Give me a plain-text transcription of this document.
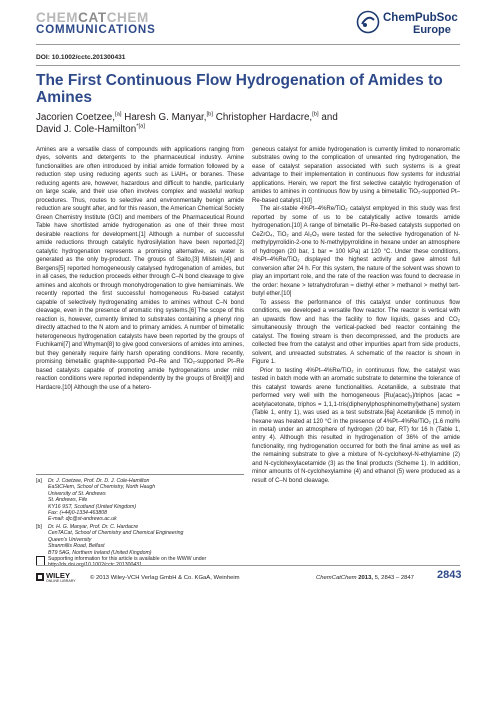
CHEMCATCHEM
COMMUNICATIONS
ChemPubSoc
Europe
DOI: 10.1002/cctc.201300431
The First Continuous Flow Hydrogenation of Amides to Amines
Jacorien Coetzee,[a] Haresh G. Manyar,[b] Christopher Hardacre,[b] and
David J. Cole-Hamilton$^{*[a]}$

Amines are a versatile class of compounds with applications ranging from dyes, solvents and detergents to the pharmaceutical industry. Amine functionalities are often introduced by initial amide formation followed by a reduction step using reducing agents such as LiAlH₄ or boranes. These reducing agents are, however, hazardous and difficult to handle, particularly on large scale, and their use often involves complex and wasteful workup procedures. Thus, routes to selective and environmentally benign amide reduction are sought after, and for this reason, the American Chemical Society Green Chemistry Institute (GCI) and members of the Pharmaceutical Round Table have shortlisted amide hydrogenation as one of their three most desirable reactions for development.[1] Although a number of successful amide reductions through catalytic hydrosilylation have been reported,[2] catalytic hydrogenation represents a promising alternative, as water is generated as the only by-product. The groups of Saito,[3] Milstein,[4] and Bergens[5] reported homogeneously catalysed hydrogenation of amides, but in all cases, the reduction proceeds either through C–N bond cleavage to give amines and alcohols or through monohydrogenation to give hemiaminals. We recently reported the first successful homogeneous Ru-based catalyst capable of selectively hydrogenating amides to amines without C–N bond cleavage, even in the presence of aromatic ring systems.[6] The scope of this reaction is, however, currently limited to substrates containing a phenyl ring directly attached to the N atom and to primary amides. A number of bimetallic heterogeneous hydrogenation catalysts have been reported by the groups of Fuchikami[7] and Whyman[8] to give good conversions of amides into amines, but they generally require fairly harsh operating conditions. More recently, promising bimetallic graphite-supported Pd–Re and TiO₂-supported Pt–Re based catalysts capable of promoting amide hydrogenations under mild reaction conditions were reported independently by the groups of Breit[9] and Hardacre.[10] Although the use of a hetero-

geneous catalyst for amide hydrogenation is currently limited to nonaromatic substrates owing to the complication of unwanted ring hydrogenation, the ease of catalyst separation associated with such systems is a great advantage to their implementation in continuous flow systems for industrial applications. Herein, we report the first selective catalytic hydrogenation of amides to amines in continuous flow by using a bimetallic TiO₂-supported Pt–Re-based catalyst.[10]

The air-stable 4%Pt–4%Re/TiO₂ catalyst employed in this study was first reported by some of us to be catalytically active towards amide hydrogenation.[10] A range of bimetallic Pt–Re-based catalysts supported on CeZrO₄, TiO₂ and Al₂O₃ were tested for the selective hydrogenation of N-methylpyrrolidin-2-one to N-methylpyrrolidine in hexane under an atmosphere of hydrogen (20 bar, 1 bar = 100 kPa) at 120 °C. Under these conditions, 4%Pt–4%Re/TiO₂ displayed the highest activity and gave almost full conversion after 24 h. For this system, the nature of the solvent was shown to play an important role, and the rate of the reaction was found to decrease in the order: hexane > tetrahydrofuran ≈ diethyl ether > methanol > methyl tert-butyl ether.[10]

To assess the performance of this catalyst under continuous flow conditions, we developed a versatile flow reactor. The reactor is vertical with an upwards flow and has the facility to flow liquids, gases and CO₂ simultaneously through the vertical-packed bed reactor containing the catalyst. The flowing stream is then decompressed, and the products are collected free from the catalyst and other impurities apart from side products, solvent, and unreacted substrates. A schematic of the reactor is shown in Figure 1.

Prior to testing 4%Pt–4%Re/TiO₂ in continuous flow, the catalyst was tested in batch mode with an aromatic substrate to determine the tolerance of this catalyst towards arene functionalities. Acetanilide, a substrate that performed very well with the homogeneous [Ru(acac)₃]/triphos [acac = acetylacetonate, triphos = 1,1,1-tris(diphenylphosphinomethyl)ethane] system (Table 1, entry 1), was used as a test substrate.[6a] Acetanilide (5 mmol) in hexane was heated at 120 °C in the presence of 4%Pt–4%Re/TiO₂ (1.6 mol% in metal) under an atmosphere of hydrogen (20 bar, RT) for 16 h (Table 1, entry 4). Although this resulted in hydrogenation of 36% of the amide functionality, ring hydrogenation occurred for both the final amine as well as the remaining substrate to give a mixture of N-cyclohexyl-N-ethylamine (2) and N-cyclohexylacetamide (3) as the final products (Scheme 1). In addition, minor amounts of N-cyclohexylamine (4) and ethanol (5) were produced as a result of C–N bond cleavage.

[a] Dr. J. Coetzee, Prof. Dr. D. J. Cole-Hamilton
EaStCHem, School of Chemistry, North Haugh
University of St. Andrews
St. Andrews, Fife
KY16 9ST, Scotland (United Kingdom)
Fax: (+44)0-1334-463808
E-mail: djc@st-andrews.ac.uk
[b] Dr. H. G. Manyar, Prof. Dr. C. Hardacre
CenTACat, School of Chemistry and Chemical Engineering
Queen's University
Stranmillis Road, Belfast
BT9 5AG, Northern Ireland (United Kingdom)
Supporting information for this article is available on the WWW under http://dx.doi.org/10.1002/cctc.201300431.
WILEY
ONLINE LIBRARY © 2013 Wiley-VCH Verlag GmbH & Co. KGaA, Weinheim	ChemCatChem 2013, 5, 2843 – 2847 2843
